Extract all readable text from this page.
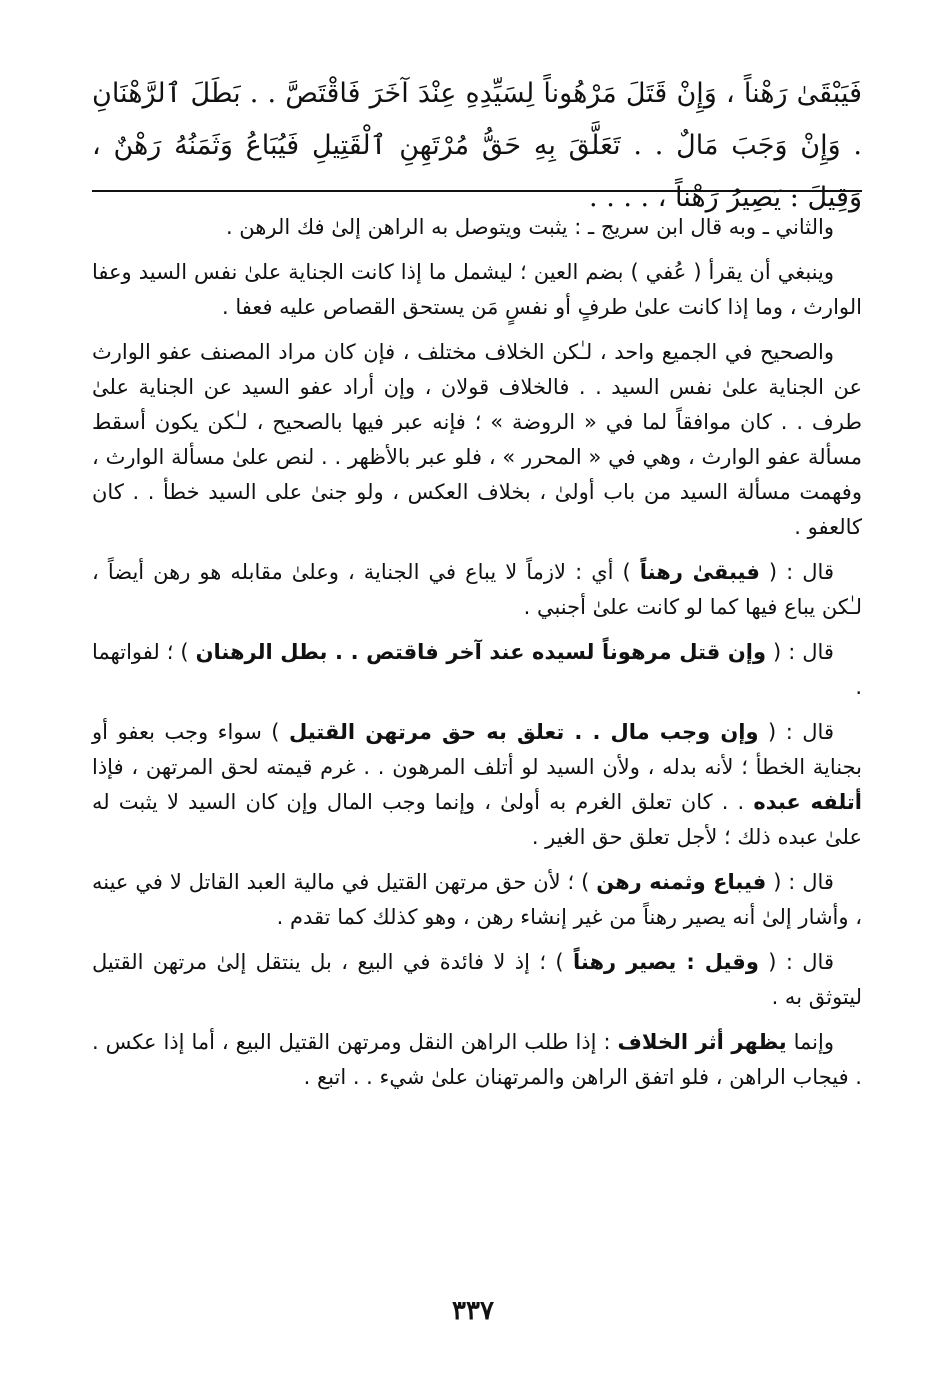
فَيَبْقَىٰ رَهْناً ، وَإِنْ قَتَلَ مَرْهُوناً لِسَيِّدِهِ عِنْدَ آخَرَ فَاقْتَصَّ . . بَطَلَ ٱلرَّهْنَانِ . وَإِنْ وَجَبَ مَالٌ . . تَعَلَّقَ بِهِ حَقُّ مُرْتَهِنِ ٱلْقَتِيلِ فَيُبَاعُ وَثَمَنُهُ رَهْنٌ ، وَقِيلَ : يَصِيرُ رَهْناً ، . . . .

والثاني ـ وبه قال ابن سريج ـ : يثبت ويتوصل به الراهن إلىٰ فك الرهن .

وينبغي أن يقرأ ( عُفي ) بضم العين ؛ ليشمل ما إذا كانت الجناية علىٰ نفس السيد وعفا الوارث ، وما إذا كانت علىٰ طرفٍ أو نفسٍ مَن يستحق القصاص عليه فعفا .

والصحيح في الجميع واحد ، لـٰكن الخلاف مختلف ، فإن كان مراد المصنف عفو الوارث عن الجناية علىٰ نفس السيد . . فالخلاف قولان ، وإن أراد عفو السيد عن الجناية علىٰ طرف . . كان موافقاً لما في « الروضة » ؛ فإنه عبر فيها بالصحيح ، لـٰكن يكون أسقط مسألة عفو الوارث ، وهي في « المحرر » ، فلو عبر بالأظهر . . لنص علىٰ مسألة الوارث ، وفهمت مسألة السيد من باب أولىٰ ، بخلاف العكس ، ولو جنىٰ على السيد خطأ . . كان كالعفو .

قال : ( فيبقىٰ رهناً ) أي : لازماً لا يباع في الجناية ، وعلىٰ مقابله هو رهن أيضاً ، لـٰكن يباع فيها كما لو كانت علىٰ أجنبي .

قال : ( وإن قتل مرهوناً لسيده عند آخر فاقتص . . بطل الرهنان ) ؛ لفواتهما .

قال : ( وإن وجب مال . . تعلق به حق مرتهن القتيل ) سواء وجب بعفو أو بجناية الخطأ ؛ لأنه بدله ، ولأن السيد لو أتلف المرهون . . غرم قيمته لحق المرتهن ، فإذا أتلفه عبده . . كان تعلق الغرم به أولىٰ ، وإنما وجب المال وإن كان السيد لا يثبت له علىٰ عبده ذلك ؛ لأجل تعلق حق الغير .

قال : ( فيباع وثمنه رهن ) ؛ لأن حق مرتهن القتيل في مالية العبد القاتل لا في عينه ، وأشار إلىٰ أنه يصير رهناً من غير إنشاء رهن ، وهو كذلك كما تقدم .

قال : ( وقيل : يصير رهناً ) ؛ إذ لا فائدة في البيع ، بل ينتقل إلىٰ مرتهن القتيل ليتوثق به .

وإنما يظهر أثر الخلاف : إذا طلب الراهن النقل ومرتهن القتيل البيع ، أما إذا عكس . . فيجاب الراهن ، فلو اتفق الراهن والمرتهنان علىٰ شيء . . اتبع .

٣٣٧
